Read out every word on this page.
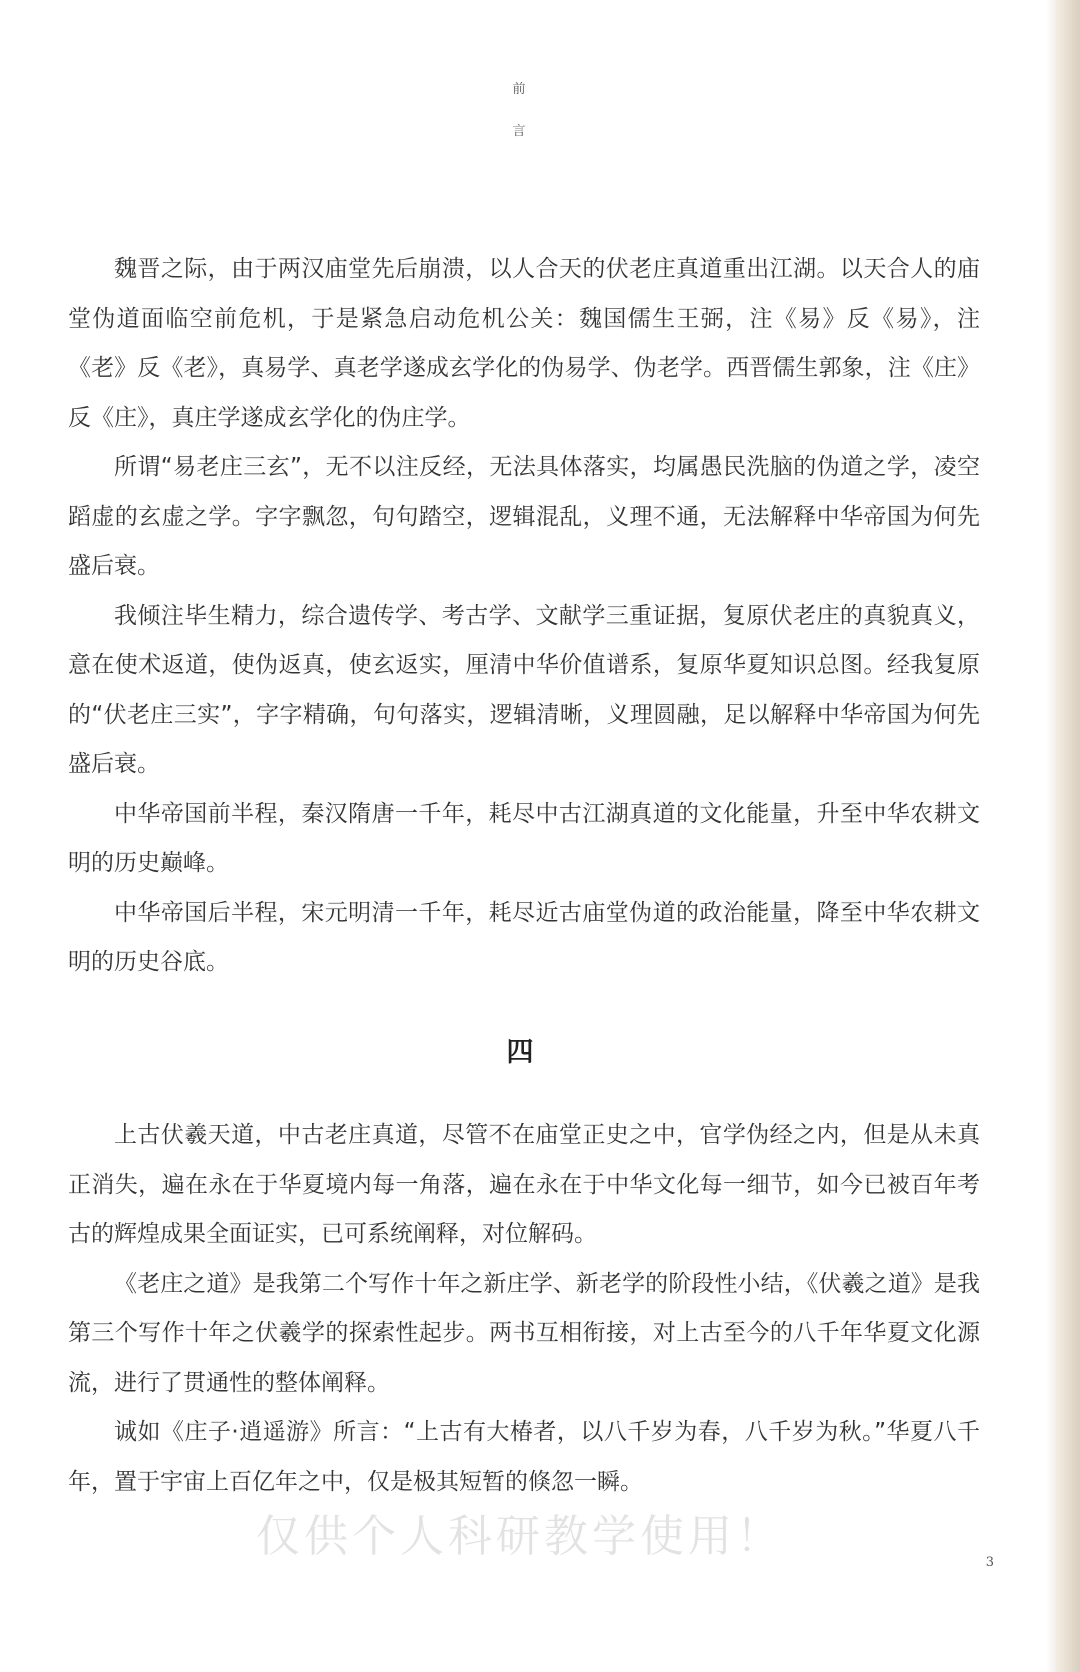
前
言

魏晋之际，由于两汉庙堂先后崩溃，以人合天的伏老庄真道重出江湖。以天合人的庙堂伪道面临空前危机，于是紧急启动危机公关：魏国儒生王弼，注《易》反《易》，注《老》反《老》，真易学、真老学遂成玄学化的伪易学、伪老学。西晋儒生郭象，注《庄》反《庄》，真庄学遂成玄学化的伪庄学。

所谓“易老庄三玄”，无不以注反经，无法具体落实，均属愚民洗脑的伪道之学，凌空蹈虚的玄虚之学。字字飘忽，句句踏空，逻辑混乱，义理不通，无法解释中华帝国为何先盛后衰。

我倾注毕生精力，综合遗传学、考古学、文献学三重证据，复原伏老庄的真貌真义，意在使术返道，使伪返真，使玄返实，厘清中华价值谱系，复原华夏知识总图。经我复原的“伏老庄三实”，字字精确，句句落实，逻辑清晰，义理圆融，足以解释中华帝国为何先盛后衰。

中华帝国前半程，秦汉隋唐一千年，耗尽中古江湖真道的文化能量，升至中华农耕文明的历史巅峰。

中华帝国后半程，宋元明清一千年，耗尽近古庙堂伪道的政治能量，降至中华农耕文明的历史谷底。

四

上古伏羲天道，中古老庄真道，尽管不在庙堂正史之中，官学伪经之内，但是从未真正消失，遍在永在于华夏境内每一角落，遍在永在于中华文化每一细节，如今已被百年考古的辉煌成果全面证实，已可系统阐释，对位解码。

《老庄之道》是我第二个写作十年之新庄学、新老学的阶段性小结，《伏羲之道》是我第三个写作十年之伏羲学的探索性起步。两书互相衔接，对上古至今的八千年华夏文化源流，进行了贯通性的整体阐释。

诚如《庄子·逍遥游》所言：“上古有大椿者，以八千岁为春，八千岁为秋。”华夏八千年，置于宇宙上百亿年之中，仅是极其短暂的倏忽一瞬。

仅供个人科研教学使用！
3
